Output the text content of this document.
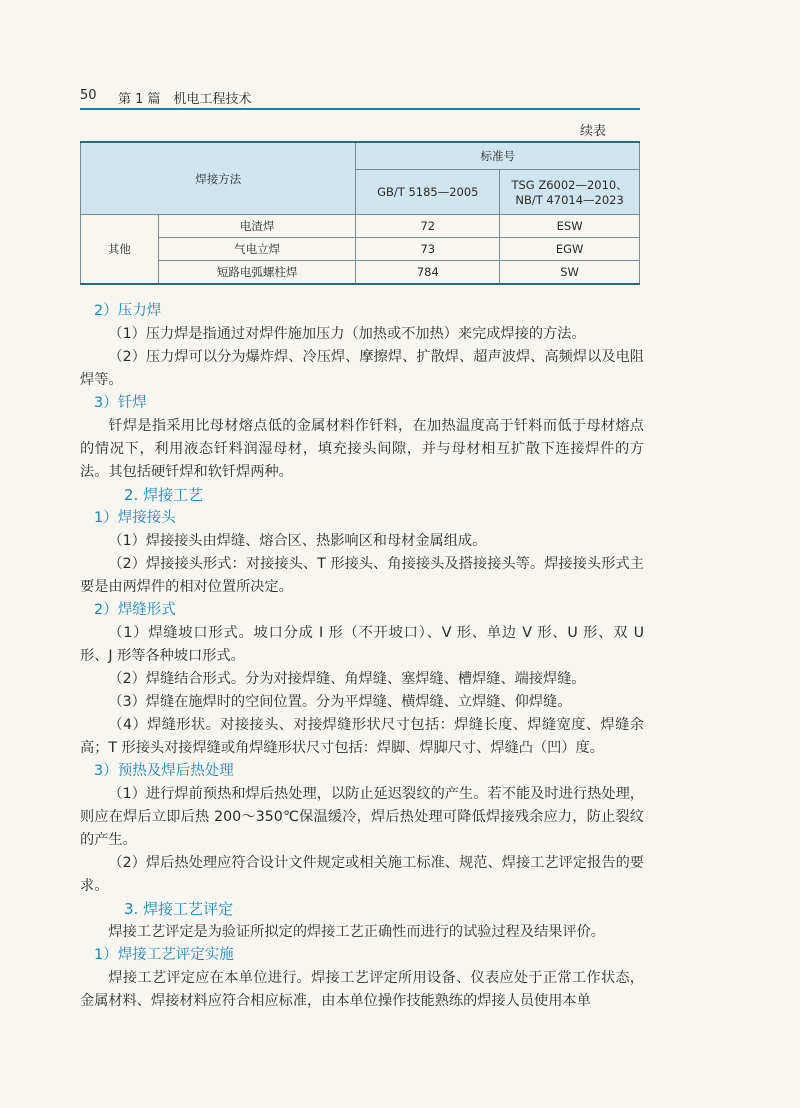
50 第 1 篇　机电工程技术
续表
焊接方法		标准号	
		GB/T 5185—2005	TSG Z6002—2010、NB/T 47014—2023
其他	电渣焊	72	ESW
	气电立焊	73	EGW
	短路电弧螺柱焊	784	SW

2）压力焊

（1）压力焊是指通过对焊件施加压力（加热或不加热）来完成焊接的方法。

（2）压力焊可以分为爆炸焊、冷压焊、摩擦焊、扩散焊、超声波焊、高频焊以及电阻焊等。

3）钎焊

钎焊是指采用比母材熔点低的金属材料作钎料，在加热温度高于钎料而低于母材熔点的情况下，利用液态钎料润湿母材，填充接头间隙，并与母材相互扩散下连接焊件的方法。其包括硬钎焊和软钎焊两种。

2. 焊接工艺

1）焊接接头

（1）焊接接头由焊缝、熔合区、热影响区和母材金属组成。

（2）焊接接头形式：对接接头、T 形接头、角接接头及搭接接头等。焊接接头形式主要是由两焊件的相对位置所决定。

2）焊缝形式

（1）焊缝坡口形式。坡口分成 I 形（不开坡口）、V 形、单边 V 形、U 形、双 U 形、J 形等各种坡口形式。

（2）焊缝结合形式。分为对接焊缝、角焊缝、塞焊缝、槽焊缝、端接焊缝。

（3）焊缝在施焊时的空间位置。分为平焊缝、横焊缝、立焊缝、仰焊缝。

（4）焊缝形状。对接接头、对接焊缝形状尺寸包括：焊缝长度、焊缝宽度、焊缝余高；T 形接头对接焊缝或角焊缝形状尺寸包括：焊脚、焊脚尺寸、焊缝凸（凹）度。

3）预热及焊后热处理

（1）进行焊前预热和焊后热处理，以防止延迟裂纹的产生。若不能及时进行热处理，则应在焊后立即后热 200～350℃保温缓冷，焊后热处理可降低焊接残余应力，防止裂纹的产生。

（2）焊后热处理应符合设计文件规定或相关施工标准、规范、焊接工艺评定报告的要求。

3. 焊接工艺评定

焊接工艺评定是为验证所拟定的焊接工艺正确性而进行的试验过程及结果评价。

1）焊接工艺评定实施

焊接工艺评定应在本单位进行。焊接工艺评定所用设备、仪表应处于正常工作状态，金属材料、焊接材料应符合相应标准，由本单位操作技能熟练的焊接人员使用本单
